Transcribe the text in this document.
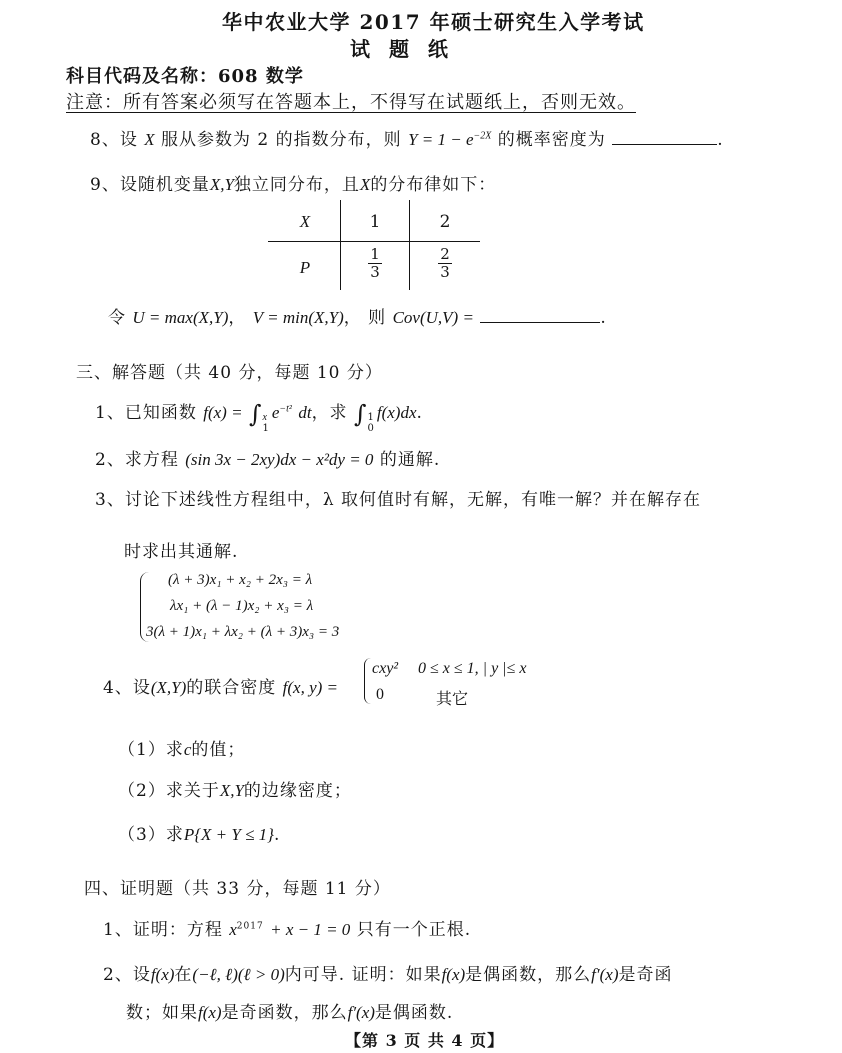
华中农业大学 2017 年硕士研究生入学考试
试 题 纸
科目代码及名称：608 数学
注意：所有答案必须写在答题本上，不得写在试题纸上，否则无效。
8、设 X 服从参数为 2 的指数分布，则 $Y = 1 - e^{-2X}$ 的概率密度为	.
9、设随机变量X,Y独立同分布，且X的分布律如下：
X	1	2
P	$\frac{1}{3}$	$\frac{2}{3}$
令 U = max(X,Y)， V = min(X,Y)， 则 Cov(U,V) =	.
三、解答题（共 40 分，每题 10 分）
1、已知函数 f(x) = ∫ x
1
$e^{-t^2}$ dt，求 ∫ 1
0
f(x)dx.
2、求方程 (sin 3x − 2xy)dx − x²dy = 0 的通解.
3、讨论下述线性方程组中，λ 取何值时有解，无解，有唯一解？并在解存在
时求出其通解.
(λ + 3)x₁ + x₂ + 2x₃ = λ
λx₁ + (λ − 1)x₂ + x₃ = λ
3(λ + 1)x₁ + λx₂ + (λ + 3)x₃ = 3
4、设(X,Y)的联合密度 f(x, y) =
cxy² 0 ≤ x ≤ 1, | y |≤ x
0	其它
（1）求c的值；
（2）求关于X,Y的边缘密度；
（3）求P{X + Y ≤ 1}.
四、证明题（共 33 分，每题 11 分）
1、证明：方程 $x^{2017} + x - 1 = 0$ 只有一个正根.
2、设f(x)在(−ℓ, ℓ)(ℓ > 0)内可导. 证明：如果f(x)是偶函数，那么f′(x)是奇函
数；如果f(x)是奇函数，那么f′(x)是偶函数.
【第 3 页 共 4 页】
